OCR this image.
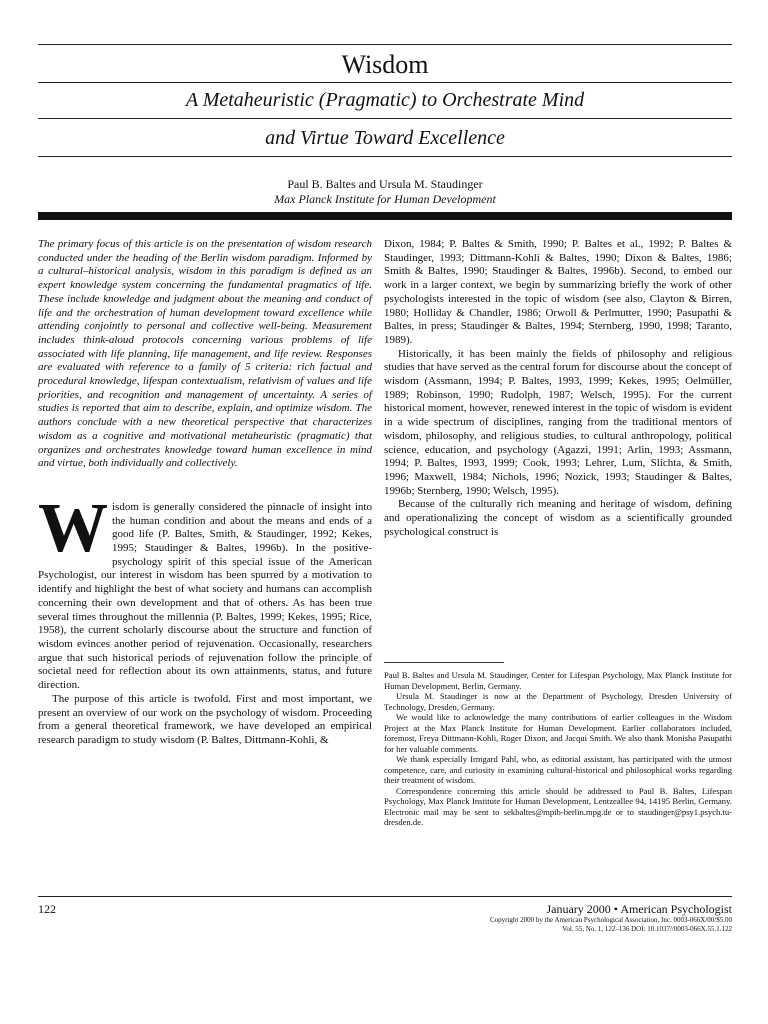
Wisdom
A Metaheuristic (Pragmatic) to Orchestrate Mind
and Virtue Toward Excellence
Paul B. Baltes and Ursula M. Staudinger
Max Planck Institute for Human Development

The primary focus of this article is on the presentation of wisdom research conducted under the heading of the Berlin wisdom paradigm. Informed by a cultural–historical analysis, wisdom in this paradigm is defined as an expert knowledge system concerning the fundamental pragmatics of life. These include knowledge and judgment about the meaning and conduct of life and the orchestration of human development toward excellence while attending conjointly to personal and collective well-being. Measurement includes think-aloud protocols concerning various problems of life associated with life planning, life management, and life review. Responses are evaluated with reference to a family of 5 criteria: rich factual and procedural knowledge, lifespan contextualism, relativism of values and life priorities, and recognition and management of uncertainty. A series of studies is reported that aim to describe, explain, and optimize wisdom. The authors conclude with a new theoretical perspective that characterizes wisdom as a cognitive and motivational metaheuristic (pragmatic) that organizes and orchestrates knowledge toward human excellence in mind and virtue, both individually and collectively.

Wisdom is generally considered the pinnacle of insight into the human condition and about the means and ends of a good life (P. Baltes, Smith, & Staudinger, 1992; Kekes, 1995; Staudinger & Baltes, 1996b). In the positive-psychology spirit of this special issue of the American Psychologist, our interest in wisdom has been spurred by a motivation to identify and highlight the best of what society and humans can accomplish concerning their own development and that of others. As has been true several times throughout the millennia (P. Baltes, 1999; Kekes, 1995; Rice, 1958), the current scholarly discourse about the structure and function of wisdom evinces another period of rejuvenation. Occasionally, researchers argue that such historical periods of rejuvenation follow the principle of societal need for reflection about its own attainments, status, and future direction.

The purpose of this article is twofold. First and most important, we present an overview of our work on the psychology of wisdom. Proceeding from a general theoretical framework, we have developed an empirical research paradigm to study wisdom (P. Baltes, Dittmann-Kohli, &

Dixon, 1984; P. Baltes & Smith, 1990; P. Baltes et al., 1992; P. Baltes & Staudinger, 1993; Dittmann-Kohli & Baltes, 1990; Dixon & Baltes, 1986; Smith & Baltes, 1990; Staudinger & Baltes, 1996b). Second, to embed our work in a larger context, we begin by summarizing briefly the work of other psychologists interested in the topic of wisdom (see also, Clayton & Birren, 1980; Holliday & Chandler, 1986; Orwoll & Perlmutter, 1990; Pasupathi & Baltes, in press; Staudinger & Baltes, 1994; Sternberg, 1990, 1998; Taranto, 1989).

Historically, it has been mainly the fields of philosophy and religious studies that have served as the central forum for discourse about the concept of wisdom (Assmann, 1994; P. Baltes, 1993, 1999; Kekes, 1995; Oelmüller, 1989; Robinson, 1990; Rudolph, 1987; Welsch, 1995). For the current historical moment, however, renewed interest in the topic of wisdom is evident in a wide spectrum of disciplines, ranging from the traditional mentors of wisdom, philosophy, and religious studies, to cultural anthropology, political science, education, and psychology (Agazzi, 1991; Arlin, 1993; Assmann, 1994; P. Baltes, 1993, 1999; Cook, 1993; Lehrer, Lum, Slichta, & Smith, 1996; Maxwell, 1984; Nichols, 1996; Nozick, 1993; Staudinger & Baltes, 1996b; Sternberg, 1990; Welsch, 1995).

Because of the culturally rich meaning and heritage of wisdom, defining and operationalizing the concept of wisdom as a scientifically grounded psychological construct is

Paul B. Baltes and Ursula M. Staudinger, Center for Lifespan Psychology, Max Planck Institute for Human Development, Berlin, Germany.

Ursula M. Staudinger is now at the Department of Psychology, Dresden University of Technology, Dresden, Germany.

We would like to acknowledge the many contributions of earlier colleagues in the Wisdom Project at the Max Planck Institute for Human Development. Earlier collaborators included, foremost, Freya Dittmann-Kohli, Roger Dixon, and Jacqui Smith. We also thank Monisha Pasupathi for her valuable comments.

We thank especially Irmgard Pahl, who, as editorial assistant, has participated with the utmost competence, care, and curiosity in examining cultural-historical and philosophical works regarding their treatment of wisdom.

Correspondence concerning this article should be addressed to Paul B. Baltes, Lifespan Psychology, Max Planck Institute for Human Development, Lentzeallee 94, 14195 Berlin, Germany. Electronic mail may be sent to sekbaltes@mpib-berlin.mpg.de or to staudinger@psy1.psych.tu-dresden.de.

122	January 2000 • American Psychologist
Copyright 2000 by the American Psychological Association, Inc. 0003-066X/00/$5.00
Vol. 55, No. 1, 122–136 DOI: 10.1037//0003-066X.55.1.122
